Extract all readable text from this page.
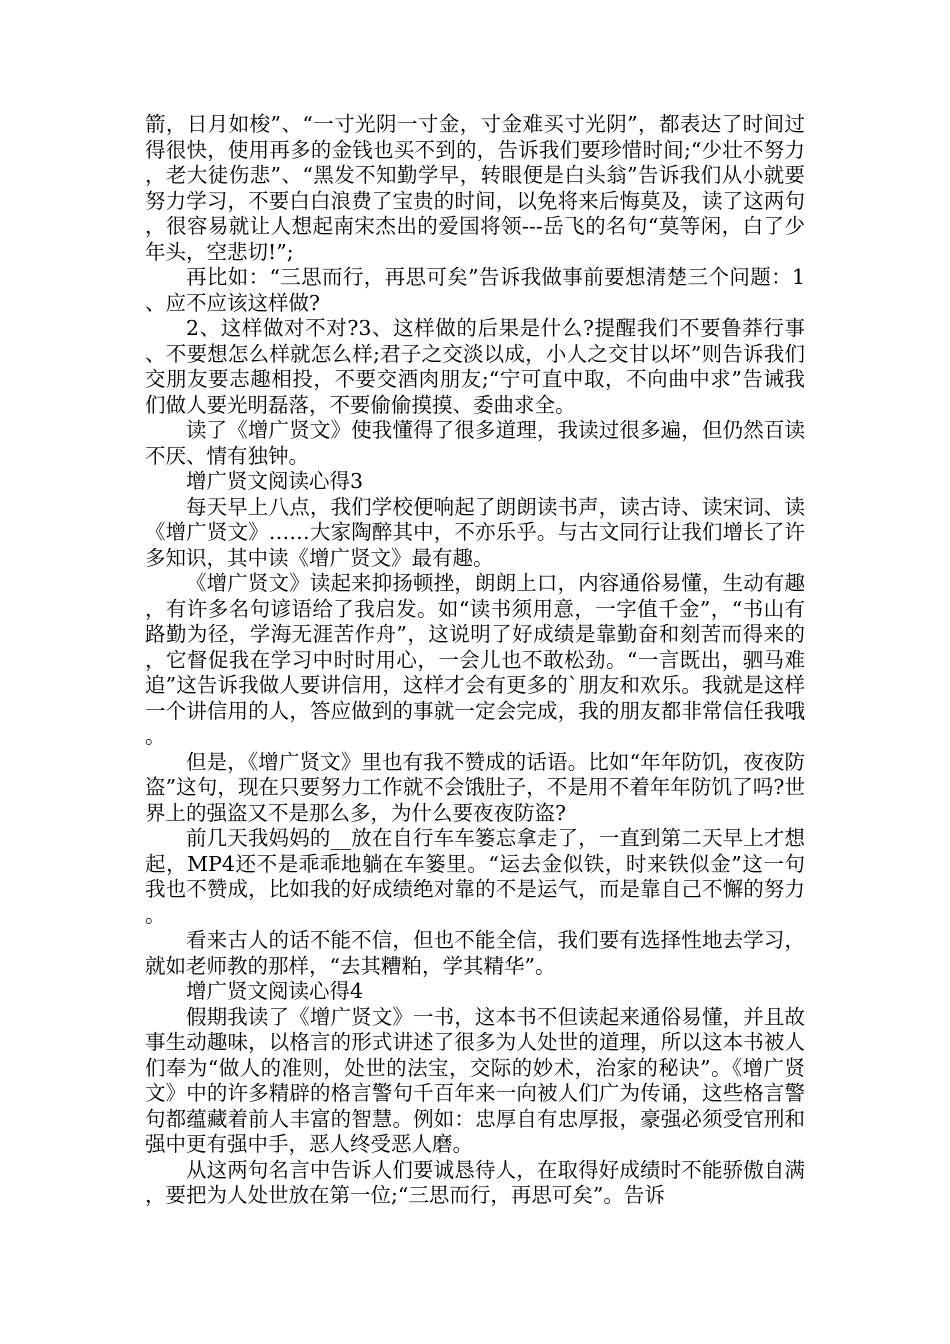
箭，日月如梭”、“一寸光阴一寸金，寸金难买寸光阴”，都表达了时间过得很快，使用再多的金钱也买不到的，告诉我们要珍惜时间;“少壮不努力，老大徒伤悲”、“黑发不知勤学早，转眼便是白头翁”告诉我们从小就要努力学习，不要白白浪费了宝贵的时间，以免将来后悔莫及，读了这两句，很容易就让人想起南宋杰出的爱国将领---岳飞的名句“莫等闲，白了少年头，空悲切!”;

再比如：“三思而行，再思可矣”告诉我做事前要想清楚三个问题：1、应不应该这样做?

2、这样做对不对?3、这样做的后果是什么?提醒我们不要鲁莽行事、不要想怎么样就怎么样;君子之交淡以成，小人之交甘以坏”则告诉我们交朋友要志趣相投，不要交酒肉朋友;“宁可直中取，不向曲中求”告诫我们做人要光明磊落，不要偷偷摸摸、委曲求全。

读了《增广贤文》使我懂得了很多道理，我读过很多遍，但仍然百读不厌、情有独钟。

增广贤文阅读心得3

每天早上八点，我们学校便响起了朗朗读书声，读古诗、读宋词、读《增广贤文》……大家陶醉其中，不亦乐乎。与古文同行让我们增长了许多知识，其中读《增广贤文》最有趣。

《增广贤文》读起来抑扬顿挫，朗朗上口，内容通俗易懂，生动有趣，有许多名句谚语给了我启发。如“读书须用意，一字值千金”，“书山有路勤为径，学海无涯苦作舟”，这说明了好成绩是靠勤奋和刻苦而得来的，它督促我在学习中时时用心，一会儿也不敢松劲。“一言既出，驷马难追”这告诉我做人要讲信用，这样才会有更多的`朋友和欢乐。我就是这样一个讲信用的人，答应做到的事就一定会完成，我的朋友都非常信任我哦。

但是，《增广贤文》里也有我不赞成的话语。比如“年年防饥，夜夜防盗”这句，现在只要努力工作就不会饿肚子，不是用不着年年防饥了吗?世界上的强盗又不是那么多，为什么要夜夜防盗?

前几天我妈妈的__放在自行车车篓忘拿走了，一直到第二天早上才想起，MP4还不是乖乖地躺在车篓里。“运去金似铁，时来铁似金”这一句我也不赞成，比如我的好成绩绝对靠的不是运气，而是靠自己不懈的努力。

看来古人的话不能不信，但也不能全信，我们要有选择性地去学习，就如老师教的那样，“去其糟粕，学其精华”。

增广贤文阅读心得4

假期我读了《增广贤文》一书，这本书不但读起来通俗易懂，并且故事生动趣味，以格言的形式讲述了很多为人处世的道理，所以这本书被人们奉为“做人的准则，处世的法宝，交际的妙术，治家的秘诀”。《增广贤文》中的许多精辟的格言警句千百年来一向被人们广为传诵，这些格言警句都蕴藏着前人丰富的智慧。例如：忠厚自有忠厚报，豪强必须受官刑和强中更有强中手，恶人终受恶人磨。

从这两句名言中告诉人们要诚恳待人，在取得好成绩时不能骄傲自满，要把为人处世放在第一位;“三思而行，再思可矣”。告诉
